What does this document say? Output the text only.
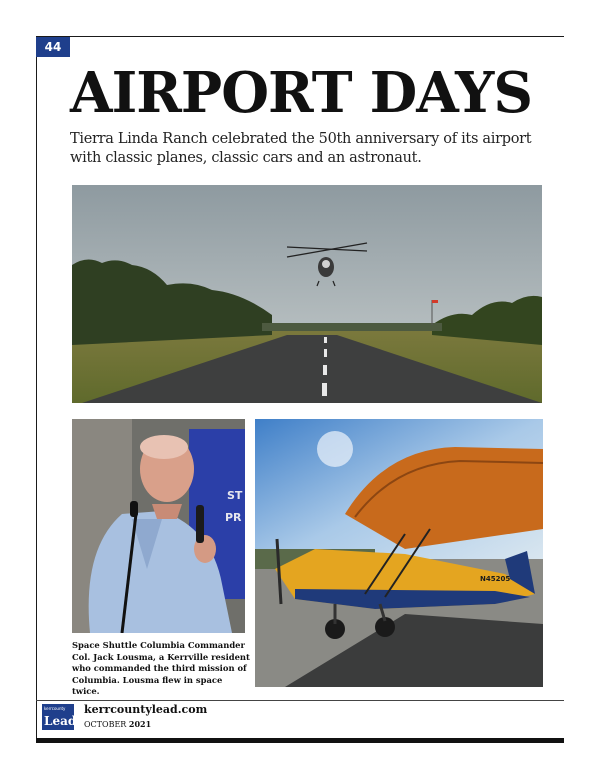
44
AIRPORT DAYS

Tierra Linda Ranch celebrated the 50th anniversary of its airport with classic planes, classic cars and an astronaut.

ST
PR
N45205

Space Shuttle Columbia Commander Col. Jack Lousma, a Kerrville resident who commanded the third mission of Columbia. Lousma flew in space twice.

kerrcounty
Lead
kerrcountylead.com
OCTOBER 2021
